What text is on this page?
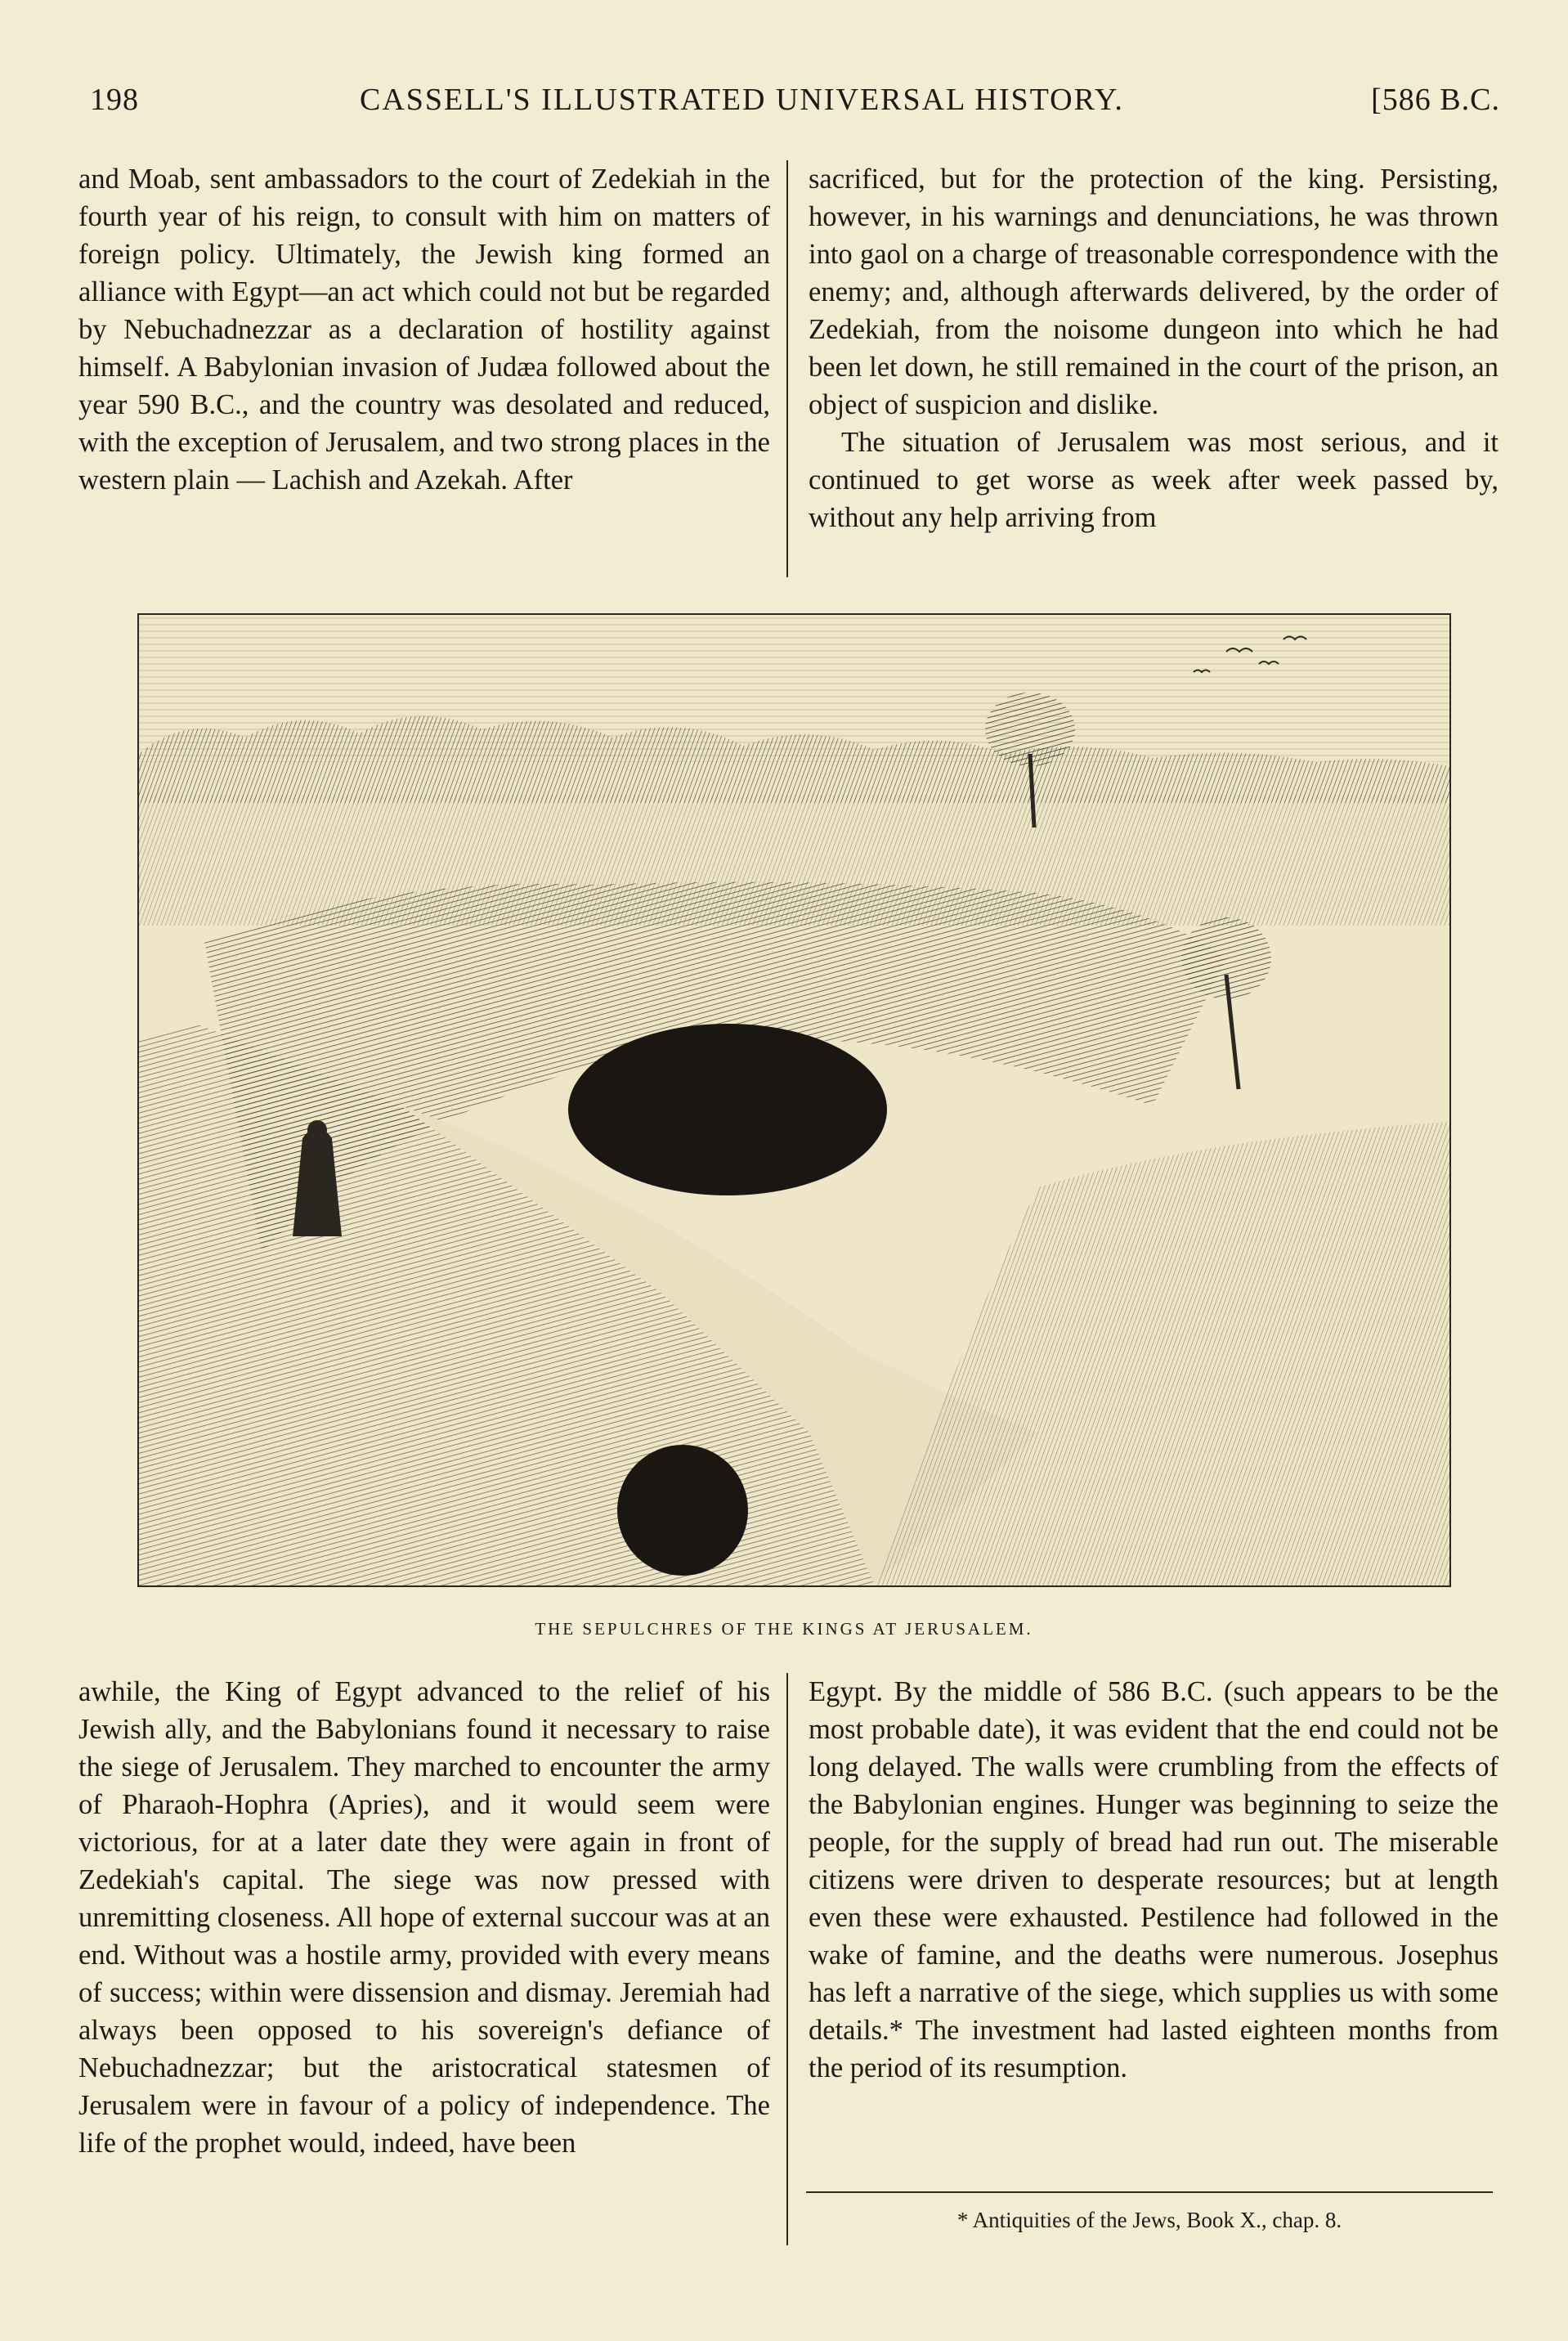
198	CASSELL'S ILLUSTRATED UNIVERSAL HISTORY.	[586 B.C.

and Moab, sent ambassadors to the court of Zedekiah in the fourth year of his reign, to consult with him on matters of foreign policy. Ultimately, the Jewish king formed an alliance with Egypt—an act which could not but be regarded by Nebuchadnezzar as a declaration of hostility against himself. A Babylonian invasion of Judæa followed about the year 590 B.C., and the country was desolated and reduced, with the exception of Jerusalem, and two strong places in the western plain — Lachish and Azekah. After

sacrificed, but for the protection of the king. Persisting, however, in his warnings and denunciations, he was thrown into gaol on a charge of treasonable correspondence with the enemy; and, although afterwards delivered, by the order of Zedekiah, from the noisome dungeon into which he had been let down, he still remained in the court of the prison, an object of suspicion and dislike.

The situation of Jerusalem was most serious, and it continued to get worse as week after week passed by, without any help arriving from

THE SEPULCHRES OF THE KINGS AT JERUSALEM.

awhile, the King of Egypt advanced to the relief of his Jewish ally, and the Babylonians found it necessary to raise the siege of Jerusalem. They marched to encounter the army of Pharaoh-Hophra (Apries), and it would seem were victorious, for at a later date they were again in front of Zedekiah's capital. The siege was now pressed with unremitting closeness. All hope of external succour was at an end. Without was a hostile army, provided with every means of success; within were dissension and dismay. Jeremiah had always been opposed to his sovereign's defiance of Nebuchadnezzar; but the aristocratical statesmen of Jerusalem were in favour of a policy of independence. The life of the prophet would, indeed, have been

Egypt. By the middle of 586 B.C. (such appears to be the most probable date), it was evident that the end could not be long delayed. The walls were crumbling from the effects of the Babylonian engines. Hunger was beginning to seize the people, for the supply of bread had run out. The miserable citizens were driven to desperate resources; but at length even these were exhausted. Pestilence had followed in the wake of famine, and the deaths were numerous. Josephus has left a narrative of the siege, which supplies us with some details.* The investment had lasted eighteen months from the period of its resumption.

* Antiquities of the Jews, Book X., chap. 8.
